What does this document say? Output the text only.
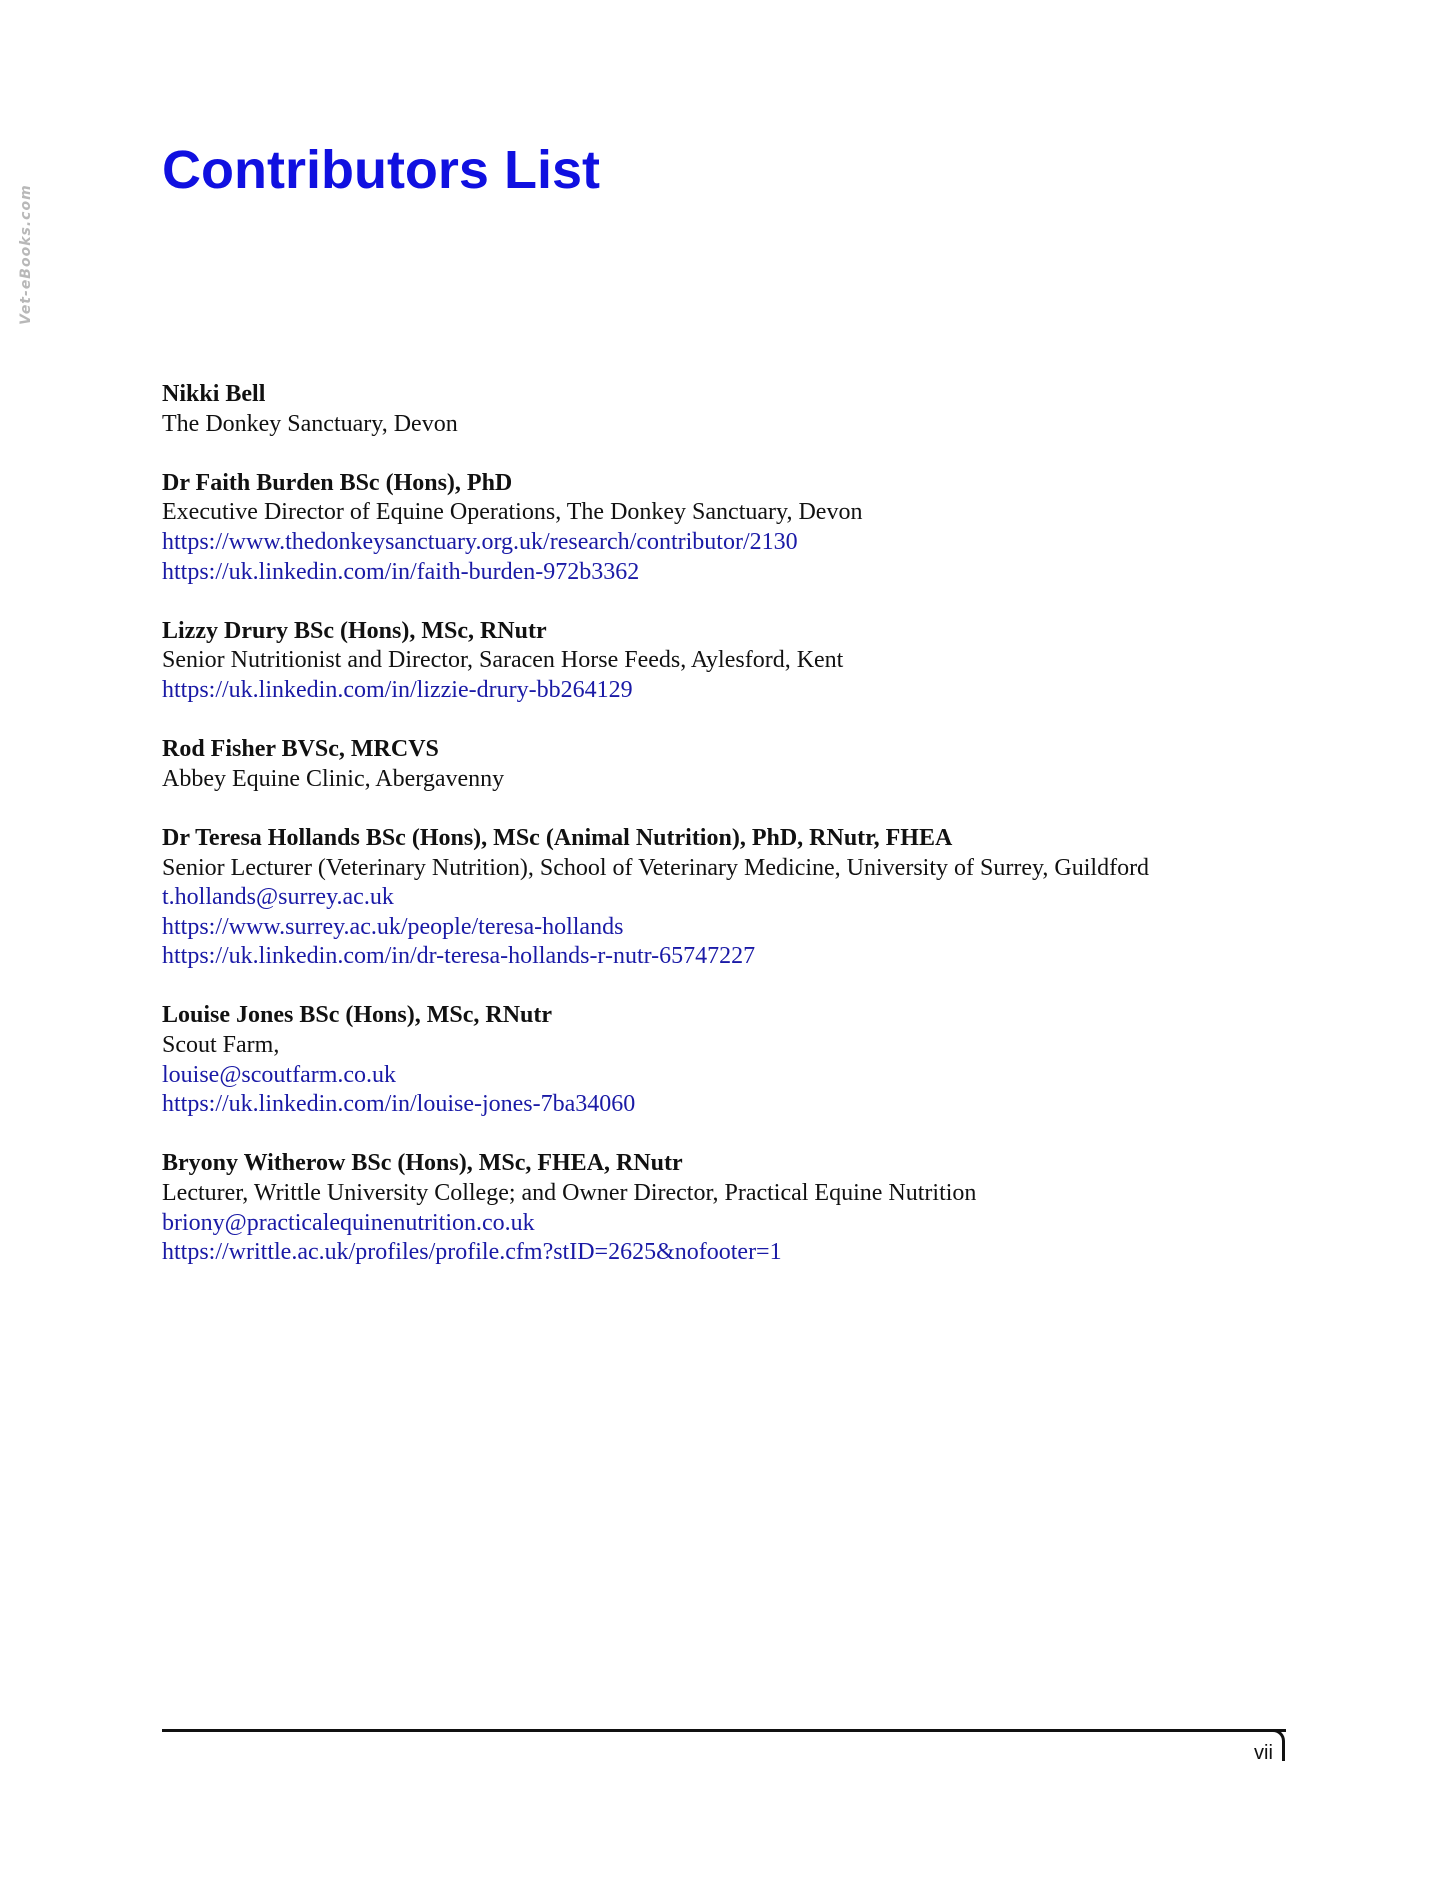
Vet-eBooks.com
Contributors List
Nikki Bell
The Donkey Sanctuary, Devon
Dr Faith Burden BSc (Hons), PhD
Executive Director of Equine Operations, The Donkey Sanctuary, Devon
https://www.thedonkeysanctuary.org.uk/research/contributor/2130
https://uk.linkedin.com/in/faith-burden-972b3362
Lizzy Drury BSc (Hons), MSc, RNutr
Senior Nutritionist and Director, Saracen Horse Feeds, Aylesford, Kent
https://uk.linkedin.com/in/lizzie-drury-bb264129
Rod Fisher BVSc, MRCVS
Abbey Equine Clinic, Abergavenny
Dr Teresa Hollands BSc (Hons), MSc (Animal Nutrition), PhD, RNutr, FHEA
Senior Lecturer (Veterinary Nutrition), School of Veterinary Medicine, University of Surrey, Guildford
t.hollands@surrey.ac.uk
https://www.surrey.ac.uk/people/teresa-hollands
https://uk.linkedin.com/in/dr-teresa-hollands-r-nutr-65747227
Louise Jones BSc (Hons), MSc, RNutr
Scout Farm,
louise@scoutfarm.co.uk
https://uk.linkedin.com/in/louise-jones-7ba34060
Bryony Witherow BSc (Hons), MSc, FHEA, RNutr
Lecturer, Writtle University College; and Owner Director, Practical Equine Nutrition
briony@practicalequinenutrition.co.uk
https://writtle.ac.uk/profiles/profile.cfm?stID=2625&nofooter=1
vii
